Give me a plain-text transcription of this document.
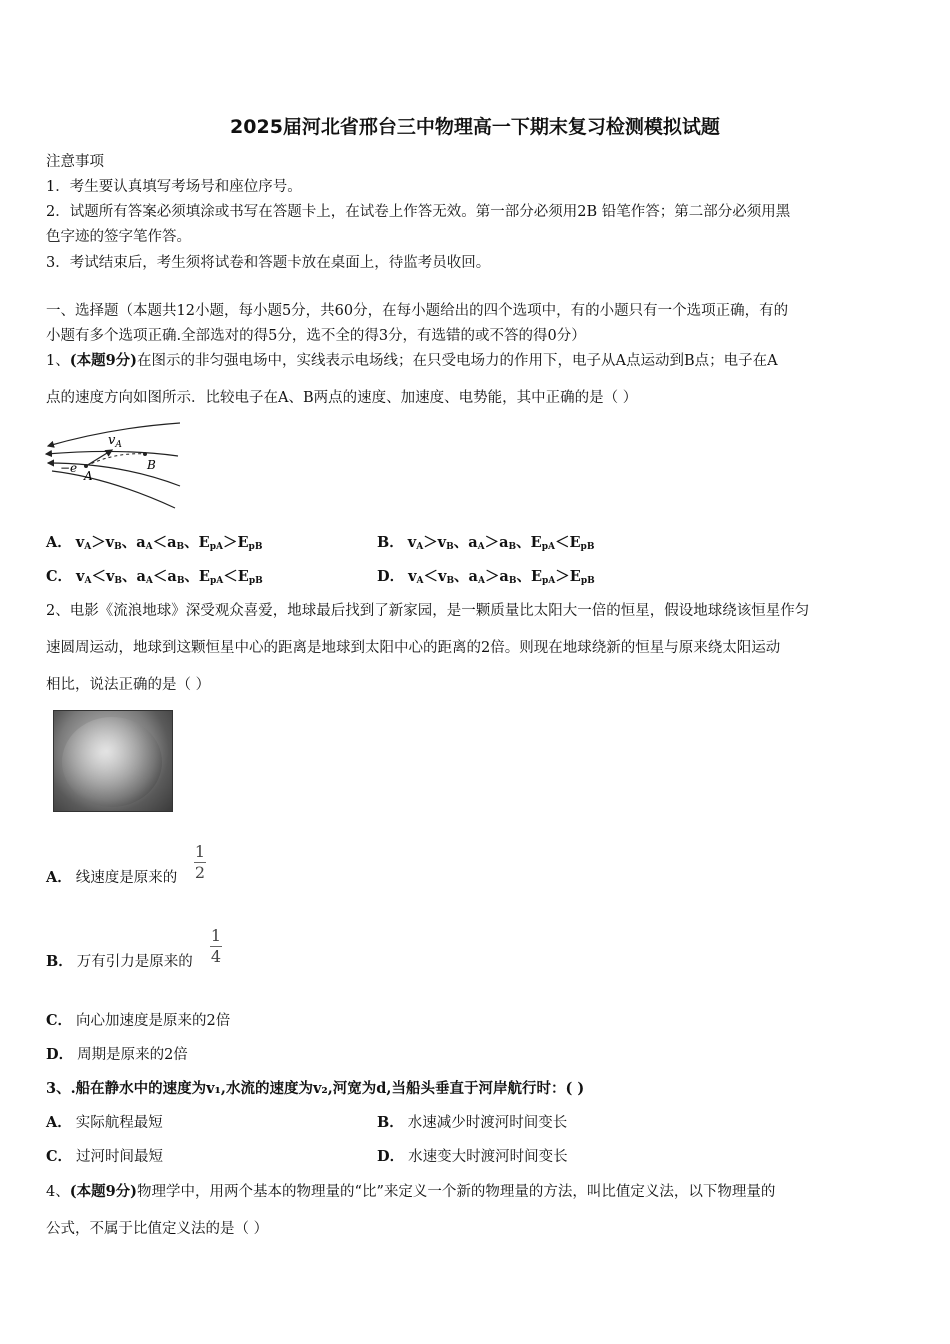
2025届河北省邢台三中物理高一下期末复习检测模拟试题
注意事项
1．考生要认真填写考场号和座位序号。
2．试题所有答案必须填涂或书写在答题卡上，在试卷上作答无效。第一部分必须用2B 铅笔作答；第二部分必须用黑
色字迹的签字笔作答。
3．考试结束后，考生须将试卷和答题卡放在桌面上，待监考员收回。
一、选择题（本题共12小题，每小题5分，共60分，在每小题给出的四个选项中，有的小题只有一个选项正确，有的
小题有多个选项正确.全部选对的得5分，选不全的得3分，有选错的或不答的得0分）
1、(本题9分)在图示的非匀强电场中，实线表示电场线；在只受电场力的作用下，电子从A点运动到B点；电子在A
点的速度方向如图所示．比较电子在A、B两点的速度、加速度、电势能，其中正确的是（ ）
$v_A$
−e
A
B
A． $v_A>v_B$、$a_A<a_B$、$E_{pA}>E_{pB}$	B． $v_A>v_B$、$a_A>a_B$、$E_{pA}<E_{pB}$
C． $v_A<v_B$、$a_A<a_B$、$E_{pA}<E_{pB}$	D． $v_A<v_B$、$a_A>a_B$、$E_{pA}>E_{pB}$
2、电影《流浪地球》深受观众喜爱，地球最后找到了新家园，是一颗质量比太阳大一倍的恒星，假设地球绕该恒星作匀
速圆周运动，地球到这颗恒星中心的距离是地球到太阳中心的距离的2倍。则现在地球绕新的恒星与原来绕太阳运动
相比，说法正确的是（ ）
A． 线速度是原来的
1
2
B． 万有引力是原来的
1
4
C． 向心加速度是原来的2倍
D． 周期是原来的2倍
3、.船在静水中的速度为v₁,水流的速度为v₂,河宽为d,当船头垂直于河岸航行时：( )
A． 实际航程最短	B． 水速减少时渡河时间变长
C． 过河时间最短	D． 水速变大时渡河时间变长
4、(本题9分)物理学中，用两个基本的物理量的“比”来定义一个新的物理量的方法，叫比值定义法，以下物理量的
公式，不属于比值定义法的是（ ）
